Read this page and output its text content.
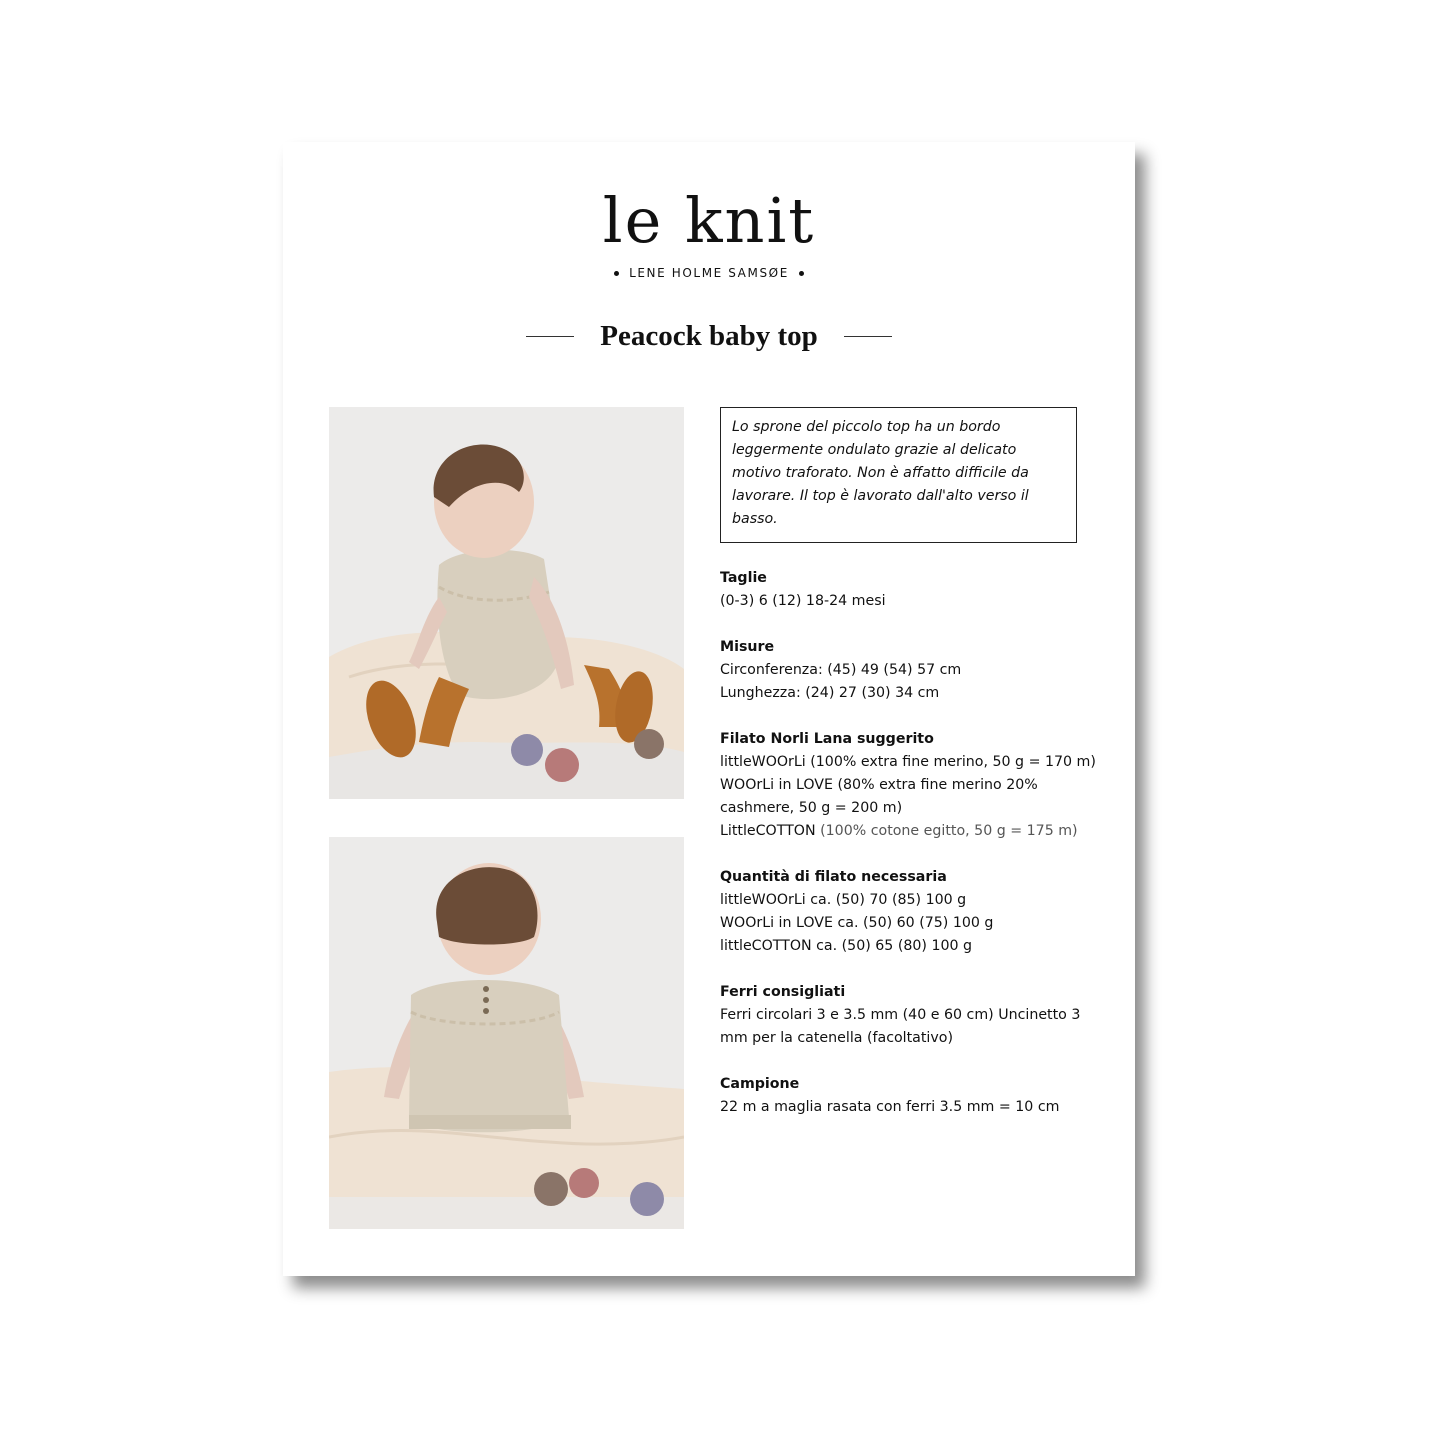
le knit
LENE HOLME SAMSØE
Peacock baby top
Lo sprone del piccolo top ha un bordo leggermente ondulato grazie al delicato motivo traforato. Non è affatto difficile da lavorare. Il top è lavorato dall'alto verso il basso.
Taglie
(0-3) 6 (12) 18-24 mesi
Misure
Circonferenza: (45) 49 (54) 57 cm
Lunghezza: (24) 27 (30) 34 cm
Filato Norli Lana suggerito
littleWOOrLi (100% extra fine merino, 50 g = 170 m)
WOOrLi in LOVE (80% extra fine merino 20%
cashmere, 50 g = 200 m)
LittleCOTTON (100% cotone egitto, 50 g = 175 m)
Quantità di filato necessaria
littleWOOrLi ca. (50) 70 (85) 100 g
WOOrLi in LOVE ca. (50) 60 (75) 100 g
littleCOTTON ca. (50) 65 (80) 100 g
Ferri consigliati
Ferri circolari 3 e 3.5 mm (40 e 60 cm) Uncinetto 3
mm per la catenella (facoltativo)
Campione
22 m a maglia rasata con ferri 3.5 mm = 10 cm
